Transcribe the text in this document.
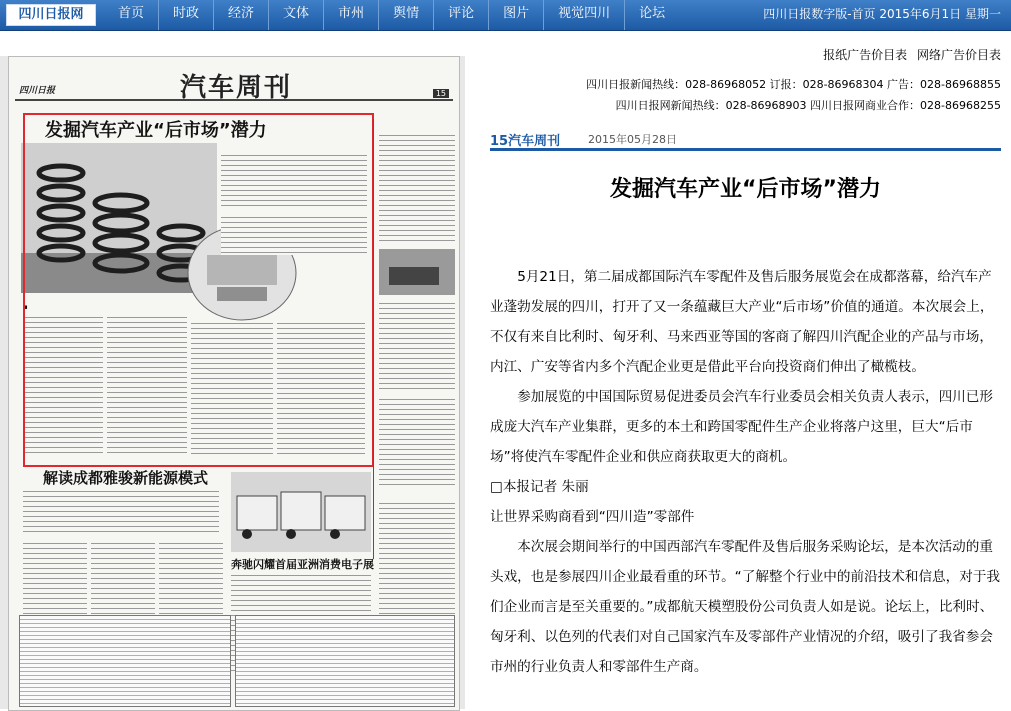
四川日报网	首页	时政	经济	文体	市州	舆情	评论	图片	视觉四川	论坛	四川日报数字版-首页 2015年6月1日 星期一
四川日报	汽车周刊	15
发掘汽车产业“后市场”潜力
▪
解读成都雅骏新能源模式
奔驰闪耀首届亚洲消费电子展
报纸广告价目表 网络广告价目表
四川日报新闻热线：028-86968052 订报：028-86968304 广告：028-86968855
四川日报网新闻热线：028-86968903 四川日报网商业合作：028-86968255
15汽车周刊	2015年05月28日
发掘汽车产业“后市场”潜力

5月21日，第二届成都国际汽车零配件及售后服务展览会在成都落幕，给汽车产业蓬勃发展的四川，打开了又一条蕴藏巨大产业“后市场”价值的通道。本次展会上，不仅有来自比利时、匈牙利、马来西亚等国的客商了解四川汽配企业的产品与市场，内江、广安等省内多个汽配企业更是借此平台向投资商们伸出了橄榄枝。

参加展览的中国国际贸易促进委员会汽车行业委员会相关负责人表示，四川已形成庞大汽车产业集群，更多的本土和跨国零配件生产企业将落户这里，巨大“后市场”将使汽车零配件企业和供应商获取更大的商机。

□本报记者 朱丽

让世界采购商看到“四川造”零部件

本次展会期间举行的中国西部汽车零配件及售后服务采购论坛，是本次活动的重头戏，也是参展四川企业最看重的环节。“了解整个行业中的前沿技术和信息，对于我们企业而言是至关重要的。”成都航天模塑股份公司负责人如是说。论坛上，比利时、匈牙利、以色列的代表们对自己国家汽车及零部件产业情况的介绍，吸引了我省参会市州的行业负责人和零部件生产商。
